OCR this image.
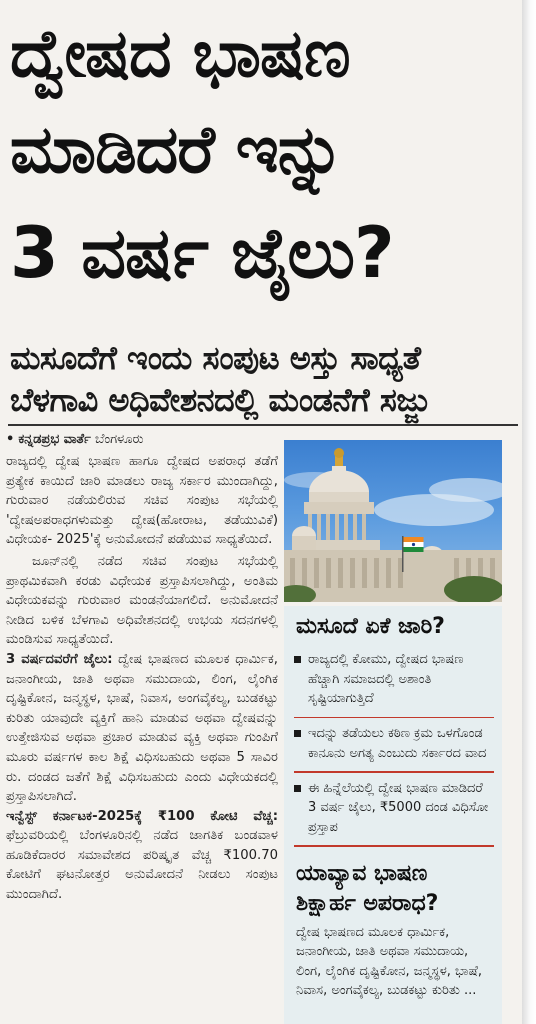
ದ್ವೇಷದ ಭಾಷಣ
ಮಾಡಿದರೆ ಇನ್ನು
3 ವರ್ಷ ಜೈಲು?
ಮಸೂದೆಗೆ ಇಂದು ಸಂಪುಟ ಅಸ್ತು ಸಾಧ್ಯತೆ
ಬೆಳಗಾವಿ ಅಧಿವೇಶನದಲ್ಲಿ ಮಂಡನೆಗೆ ಸಜ್ಜು
• ಕನ್ನಡಪ್ರಭ ವಾರ್ತೆ ಬೆಂಗಳೂರು

ರಾಜ್ಯದಲ್ಲಿ ದ್ವೇಷ ಭಾಷಣ ಹಾಗೂ ದ್ವೇಷದ ಅಪರಾಧ ತಡೆಗೆ ಪ್ರತ್ಯೇಕ ಕಾಯಿದೆ ಜಾರಿ ಮಾಡಲು ರಾಜ್ಯ ಸರ್ಕಾರ ಮುಂದಾಗಿದ್ದು, ಗುರುವಾರ ನಡೆಯಲಿರುವ ಸಚಿವ ಸಂಪುಟ ಸಭೆಯಲ್ಲಿ 'ದ್ವೇಷಅಪರಾಧಗಳುಮತ್ತು ದ್ವೇಷ(ಹೋರಾಟ, ತಡೆಯುವಿಕೆ) ವಿಧೇಯಕ- 2025'ಕ್ಕೆ ಅನುಮೋದನೆ ಪಡೆಯುವ ಸಾಧ್ಯತೆಯಿದೆ.

ಜೂನ್‌ನಲ್ಲಿ ನಡೆದ ಸಚಿವ ಸಂಪುಟ ಸಭೆಯಲ್ಲಿ ಪ್ರಾಥಮಿಕವಾಗಿ ಕರಡು ವಿಧೇಯಕ ಪ್ರಸ್ತಾಪಿಸಲಾಗಿದ್ದು, ಅಂತಿಮ ವಿಧೇಯಕವನ್ನು ಗುರುವಾರ ಮಂಡನೆಯಾಗಲಿದೆ. ಅನುಮೋದನೆ ನೀಡಿದ ಬಳಿಕ ಬೆಳಗಾವಿ ಅಧಿವೇಶನದಲ್ಲಿ ಉಭಯ ಸದನಗಳಲ್ಲಿ ಮಂಡಿಸುವ ಸಾಧ್ಯತೆಯಿದೆ.

3 ವರ್ಷದವರೆಗೆ ಜೈಲು: ದ್ವೇಷ ಭಾಷಣದ ಮೂಲಕ ಧಾರ್ಮಿಕ, ಜನಾಂಗೀಯ, ಜಾತಿ ಅಥವಾ ಸಮುದಾಯ, ಲಿಂಗ, ಲೈಂಗಿಕ ದೃಷ್ಟಿಕೋನ, ಜನ್ಮಸ್ಥಳ, ಭಾಷೆ, ನಿವಾಸ, ಅಂಗವೈಕಲ್ಯ, ಬುಡಕಟ್ಟು ಕುರಿತು ಯಾವುದೇ ವ್ಯಕ್ತಿಗೆ ಹಾನಿ ಮಾಡುವ ಅಥವಾ ದ್ವೇಷವನ್ನು ಉತ್ತೇಜಿಸುವ ಅಥವಾ ಪ್ರಚಾರ ಮಾಡುವ ವ್ಯಕ್ತಿ ಅಥವಾ ಗುಂಪಿಗೆ ಮೂರು ವರ್ಷಗಳ ಕಾಲ ಶಿಕ್ಷೆ ವಿಧಿಸಬಹುದು ಅಥವಾ 5 ಸಾವಿರ ರು. ದಂಡದ ಜತೆಗೆ ಶಿಕ್ಷೆ ವಿಧಿಸಬಹುದು ಎಂದು ವಿಧೇಯಕದಲ್ಲಿ ಪ್ರಸ್ತಾಪಿಸಲಾಗಿದೆ.

ಇನ್ವೆಸ್ಟ್ ಕರ್ನಾಟಕ-2025ಕ್ಕೆ ₹100 ಕೋಟಿ ವೆಚ್ಚ: ಫೆಬ್ರುವರಿಯಲ್ಲಿ ಬೆಂಗಳೂರಿನಲ್ಲಿ ನಡೆದ ಜಾಗತಿಕ ಬಂಡವಾಳ ಹೂಡಿಕೆದಾರರ ಸಮಾವೇಶದ ಪರಿಷ್ಕೃತ ವೆಚ್ಚ ₹100.70 ಕೋಟಿಗೆ ಘಟನೋತ್ತರ ಅನುಮೋದನೆ ನೀಡಲು ಸಂಪುಟ ಮುಂದಾಗಿದೆ.

ಮಸೂದೆ ಏಕೆ ಜಾರಿ?
ರಾಜ್ಯದಲ್ಲಿ ಕೋಮು, ದ್ವೇಷದ ಭಾಷಣ ಹೆಚ್ಚಾಗಿ ಸಮಾಜದಲ್ಲಿ ಅಶಾಂತಿ ಸೃಷ್ಟಿಯಾಗುತ್ತಿದೆ
ಇದನ್ನು ತಡೆಯಲು ಕಠಿಣ ಕ್ರಮ ಒಳಗೊಂಡ ಕಾನೂನು ಅಗತ್ಯ ಎಂಬುದು ಸರ್ಕಾರದ ವಾದ
ಈ ಹಿನ್ನೆಲೆಯಲ್ಲಿ ದ್ವೇಷ ಭಾಷಣ ಮಾಡಿದರೆ 3 ವರ್ಷ ಜೈಲು, ₹5000 ದಂಡ ವಿಧಿಸೋ ಪ್ರಸ್ತಾಪ
ಯಾವ್ಯಾವ ಭಾಷಣ
ಶಿಕ್ಷಾರ್ಹ ಅಪರಾಧ?
ದ್ವೇಷ ಭಾಷಣದ ಮೂಲಕ ಧಾರ್ಮಿಕ, ಜನಾಂಗೀಯ, ಜಾತಿ ಅಥವಾ ಸಮುದಾಯ, ಲಿಂಗ, ಲೈಂಗಿಕ ದೃಷ್ಟಿಕೋನ, ಜನ್ಮಸ್ಥಳ, ಭಾಷೆ, ನಿವಾಸ, ಅಂಗವೈಕಲ್ಯ, ಬುಡಕಟ್ಟು ಕುರಿತು ...
